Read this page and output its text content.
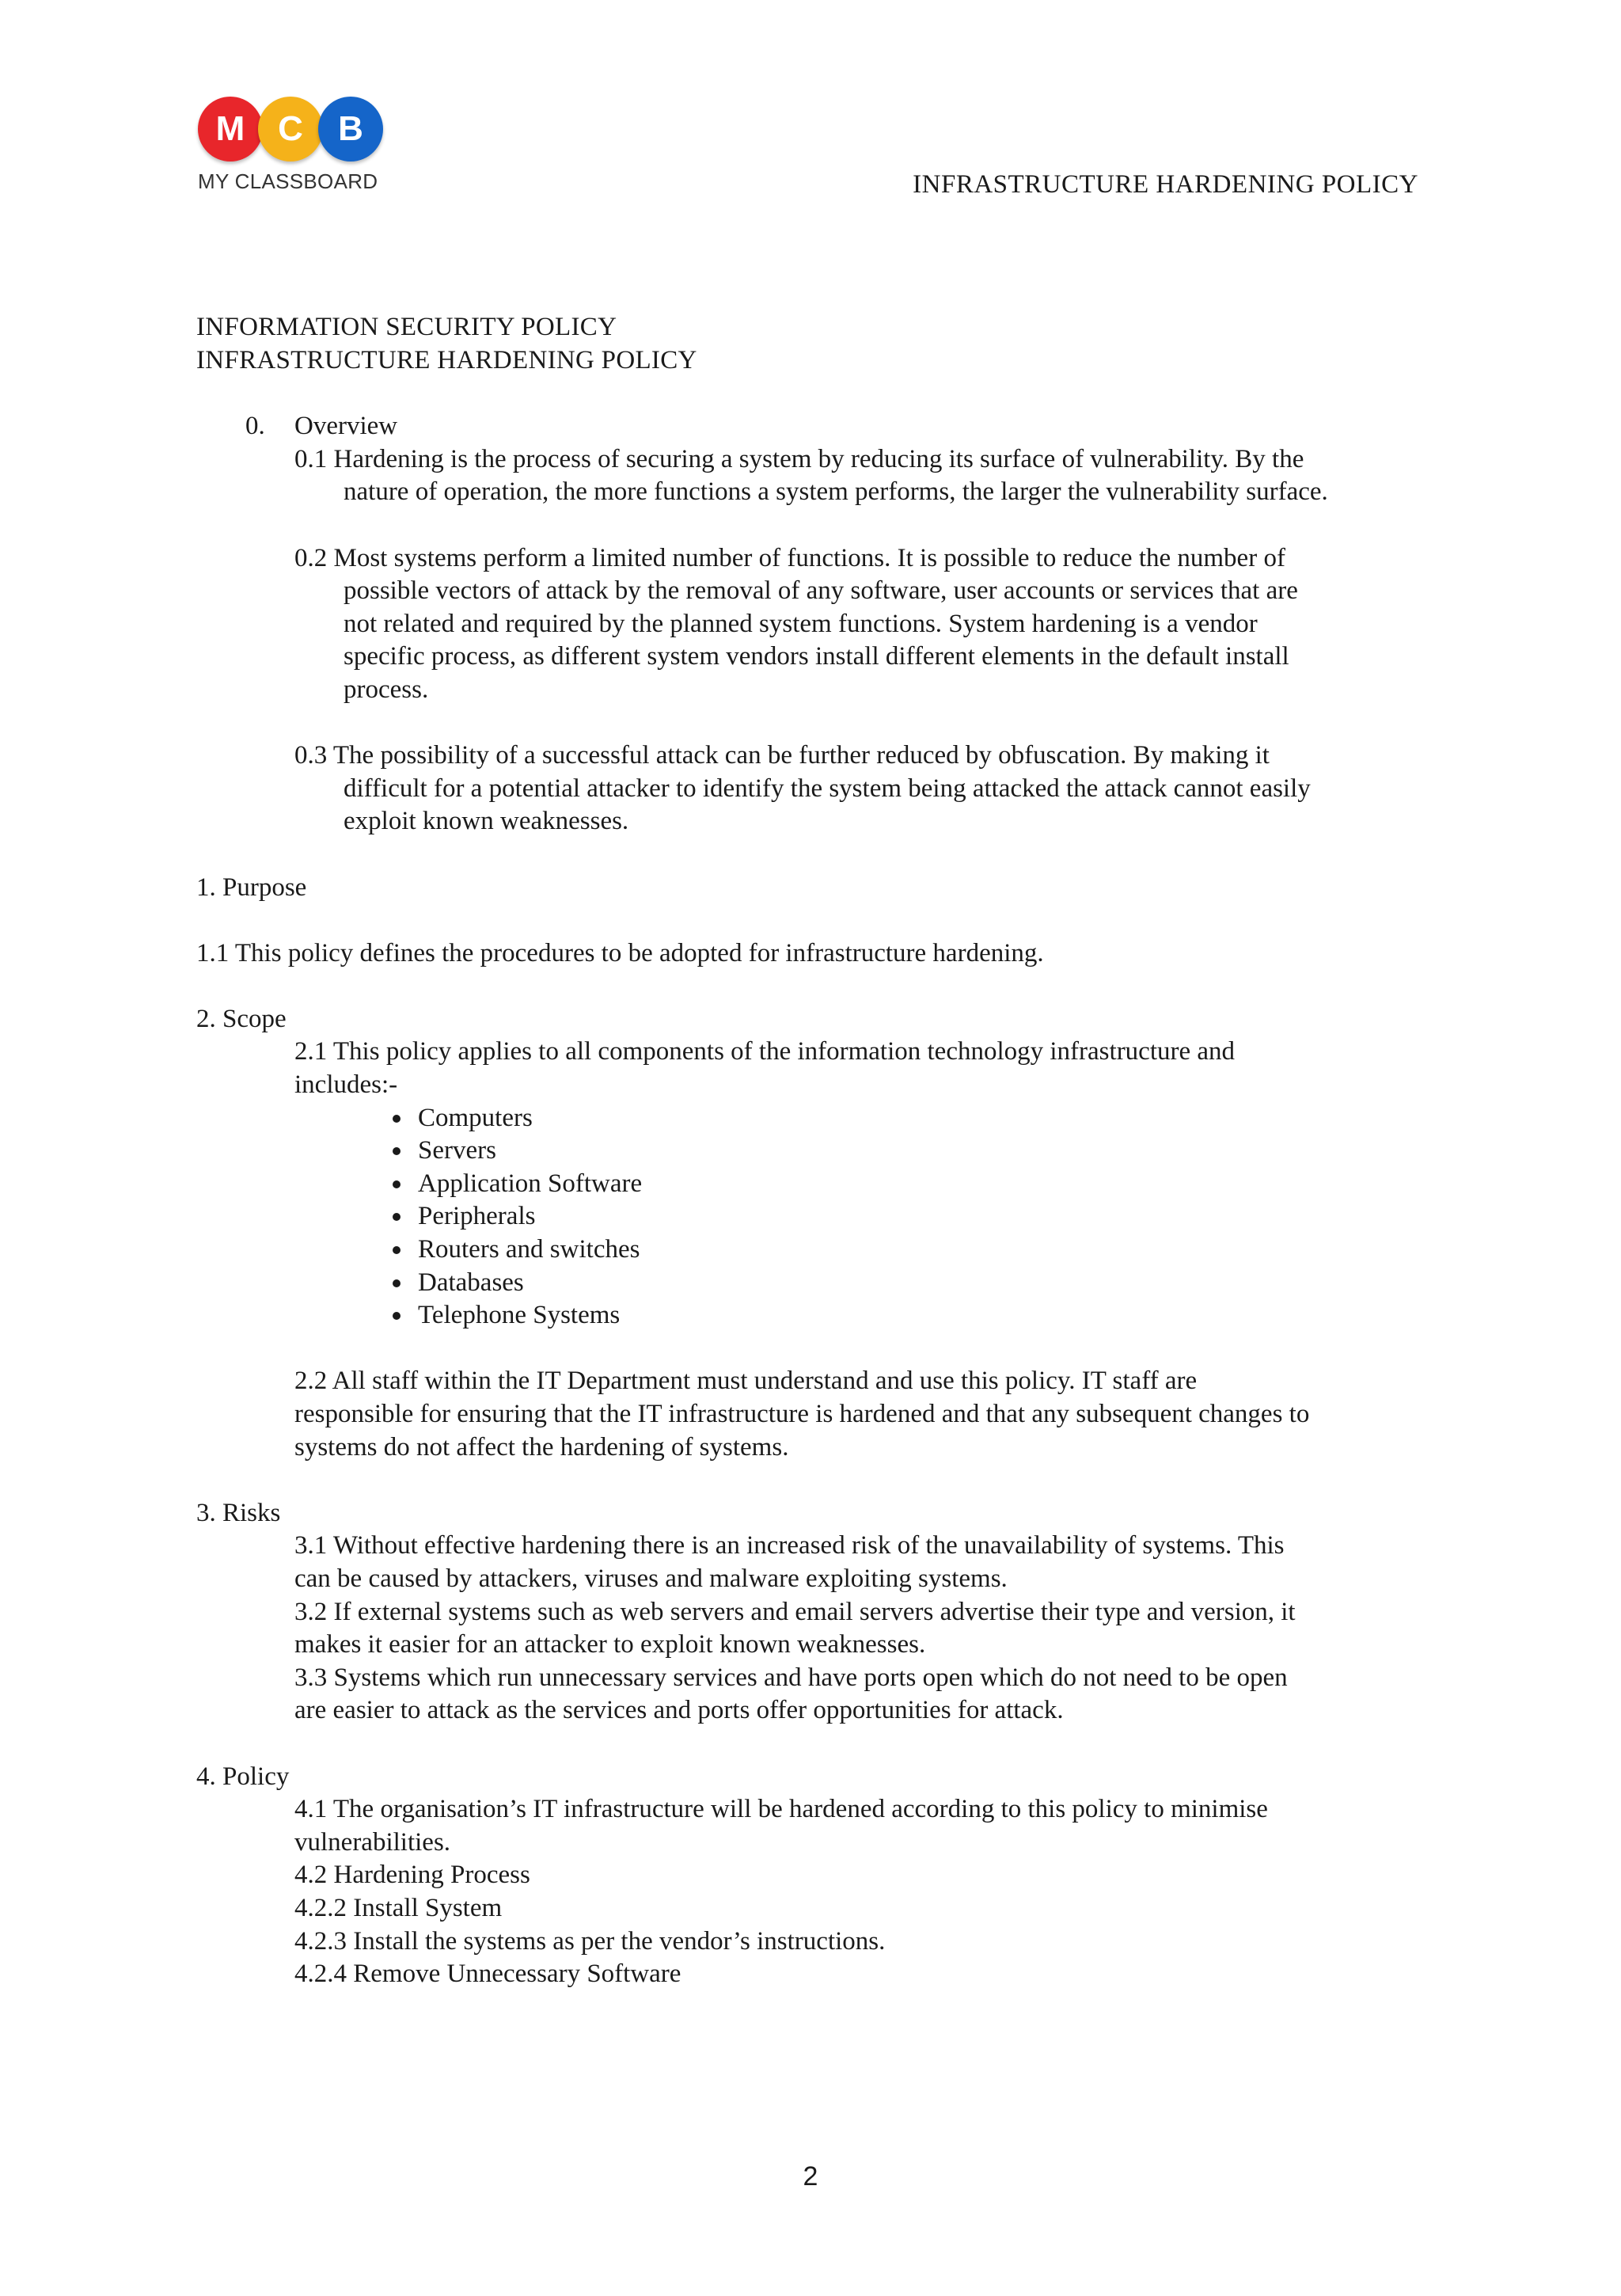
M C B
MY CLASSBOARD	INFRASTRUCTURE HARDENING POLICY
INFORMATION SECURITY POLICY
INFRASTRUCTURE HARDENING POLICY
0. Overview
0.1 Hardening is the process of securing a system by reducing its surface of vulnerability. By the
nature of operation, the more functions a system performs, the larger the vulnerability surface.
0.2 Most systems perform a limited number of functions. It is possible to reduce the number of
possible vectors of attack by the removal of any software, user accounts or services that are
not related and required by the planned system functions. System hardening is a vendor
specific process, as different system vendors install different elements in the default install
process.
0.3 The possibility of a successful attack can be further reduced by obfuscation. By making it
difficult for a potential attacker to identify the system being attacked the attack cannot easily
exploit known weaknesses.
1. Purpose
1.1 This policy defines the procedures to be adopted for infrastructure hardening.
2. Scope
2.1 This policy applies to all components of the information technology infrastructure and
includes:-
Computers
Servers
Application Software
Peripherals
Routers and switches
Databases
Telephone Systems
2.2 All staff within the IT Department must understand and use this policy. IT staff are
responsible for ensuring that the IT infrastructure is hardened and that any subsequent changes to
systems do not affect the hardening of systems.
3. Risks
3.1 Without effective hardening there is an increased risk of the unavailability of systems. This
can be caused by attackers, viruses and malware exploiting systems.
3.2 If external systems such as web servers and email servers advertise their type and version, it
makes it easier for an attacker to exploit known weaknesses.
3.3 Systems which run unnecessary services and have ports open which do not need to be open
are easier to attack as the services and ports offer opportunities for attack.
4. Policy
4.1 The organisation’s IT infrastructure will be hardened according to this policy to minimise
vulnerabilities.
4.2 Hardening Process
4.2.2 Install System
4.2.3 Install the systems as per the vendor’s instructions.
4.2.4 Remove Unnecessary Software
2
